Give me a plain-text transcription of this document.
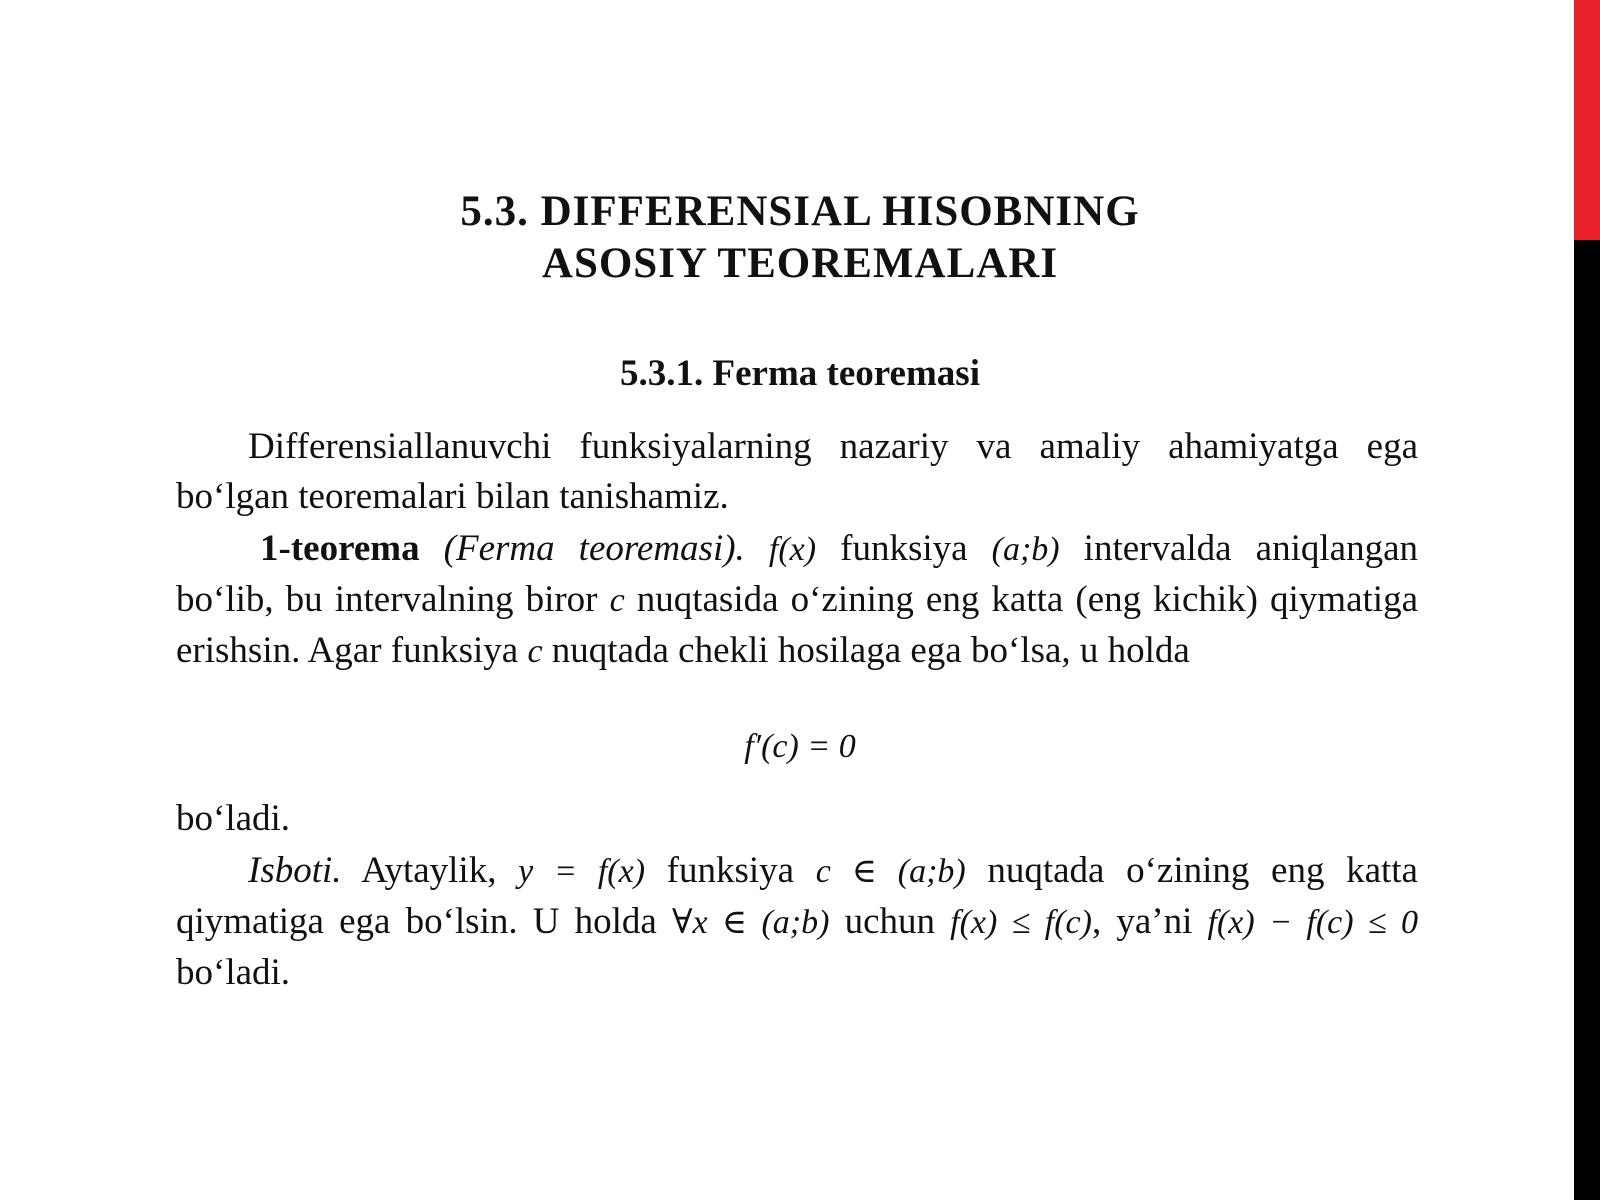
5.3. DIFFERENSIAL HISOBNING
ASOSIY TEOREMALARI
5.3.1. Ferma teoremasi
Differensiallanuvchi funksiyalarning nazariy va amaliy ahamiyatga ega bo‘lgan teoremalari bilan tanishamiz.
1-teorema (Ferma teoremasi). f(x) funksiya (a;b) intervalda aniqlangan bo‘lib, bu intervalning biror c nuqtasida o‘zining eng katta (eng kichik) qiymatiga erishsin. Agar funksiya c nuqtada chekli hosilaga ega bo‘lsa, u holda
f′(c) = 0
bo‘ladi.
Isboti. Aytaylik, y = f(x) funksiya c ∈ (a;b) nuqtada o‘zining eng katta qiymatiga ega bo‘lsin. U holda ∀x ∈ (a;b) uchun f(x) ≤ f(c), ya’ni f(x) − f(c) ≤ 0 bo‘ladi.
